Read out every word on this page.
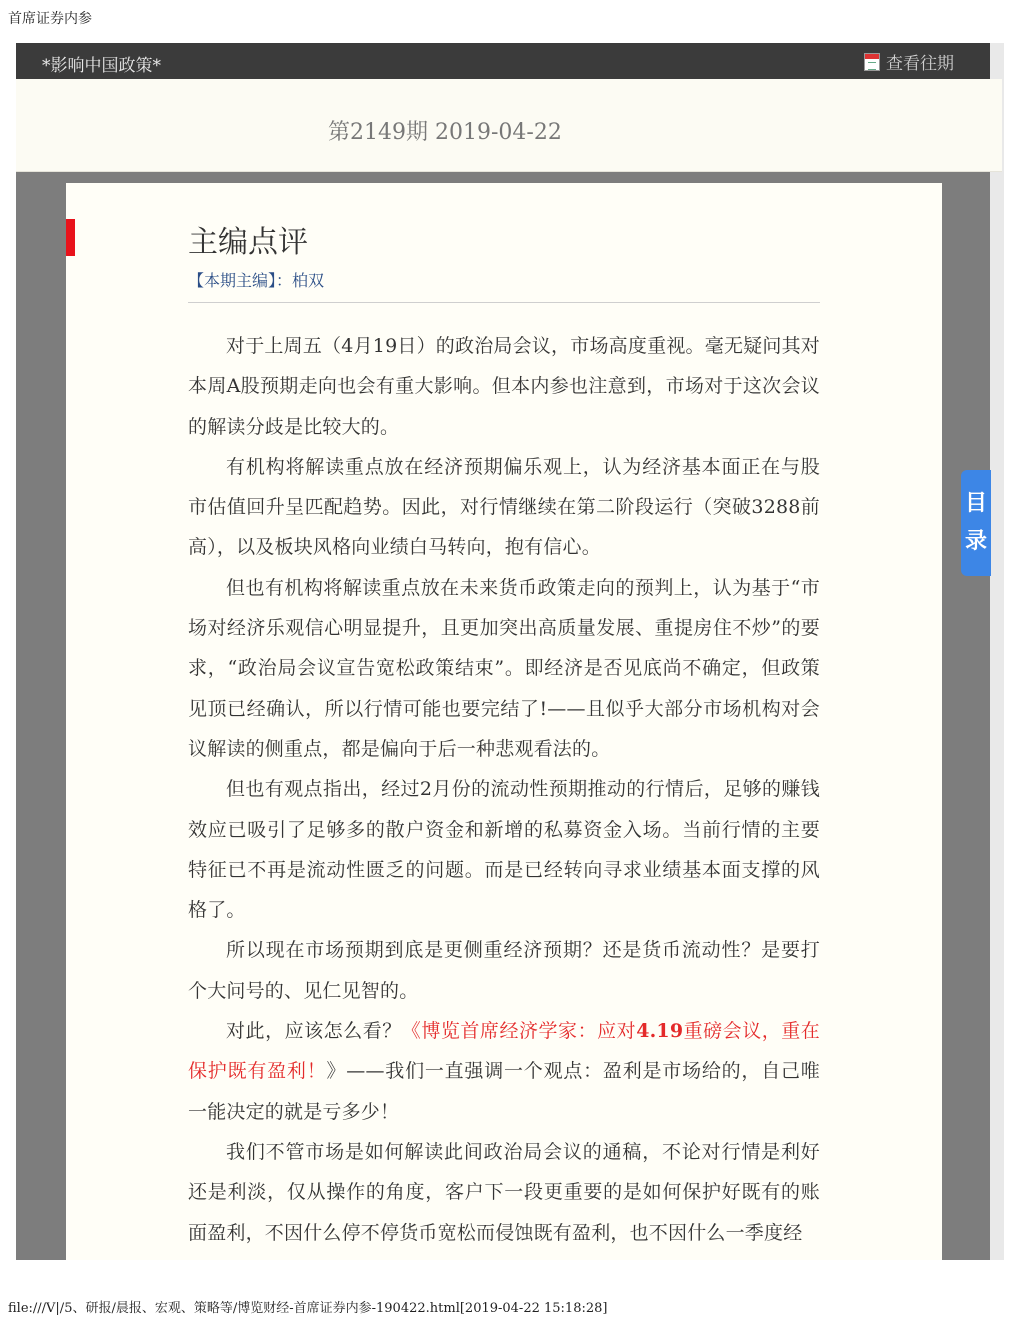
首席证券内参
*影响中国政策*	查看往期
第2149期 2019-04-22
主编点评
【本期主编】：柏双

对于上周五（4月19日）的政治局会议，市场高度重视。毫无疑问其对本周A股预期走向也会有重大影响。但本内参也注意到，市场对于这次会议的解读分歧是比较大的。

有机构将解读重点放在经济预期偏乐观上，认为经济基本面正在与股市估值回升呈匹配趋势。因此，对行情继续在第二阶段运行（突破3288前高），以及板块风格向业绩白马转向，抱有信心。

但也有机构将解读重点放在未来货币政策走向的预判上，认为基于“市场对经济乐观信心明显提升，且更加突出高质量发展、重提房住不炒”的要求，“政治局会议宣告宽松政策结束”。即经济是否见底尚不确定，但政策见顶已经确认，所以行情可能也要完结了!——且似乎大部分市场机构对会议解读的侧重点，都是偏向于后一种悲观看法的。

但也有观点指出，经过2月份的流动性预期推动的行情后，足够的赚钱效应已吸引了足够多的散户资金和新增的私募资金入场。当前行情的主要特征已不再是流动性匮乏的问题。而是已经转向寻求业绩基本面支撑的风格了。

所以现在市场预期到底是更侧重经济预期？还是货币流动性？是要打个大问号的、见仁见智的。

对此，应该怎么看？《博览首席经济学家：应对4.19重磅会议，重在保护既有盈利！》——我们一直强调一个观点：盈利是市场给的，自己唯一能决定的就是亏多少！

我们不管市场是如何解读此间政治局会议的通稿，不论对行情是利好还是利淡，仅从操作的角度，客户下一段更重要的是如何保护好既有的账面盈利，不因什么停不停货币宽松而侵蚀既有盈利，也不因什么一季度经

目
录
file:///V|/5、研报/晨报、宏观、策略等/博览财经-首席证券内参-190422.html[2019-04-22 15:18:28]
